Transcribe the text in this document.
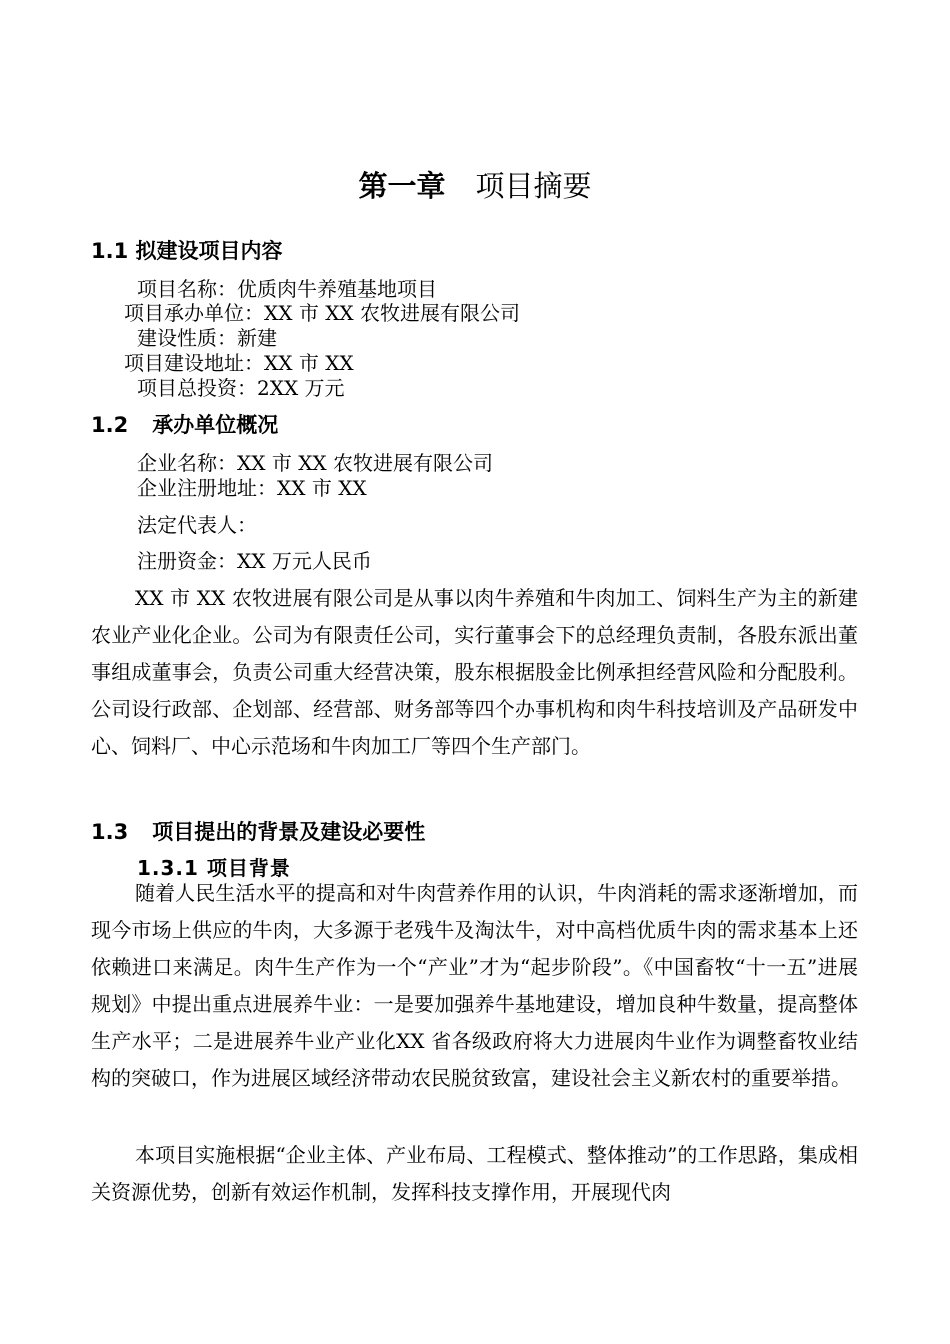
第一章 项目摘要
1.1 拟建设项目内容
项目名称：优质肉牛养殖基地项目
项目承办单位：XX 市 XX 农牧进展有限公司
建设性质：新建
项目建设地址：XX 市 XX
项目总投资：2XX 万元
1.2 承办单位概况
企业名称：XX 市 XX 农牧进展有限公司
企业注册地址：XX 市 XX
法定代表人：
注册资金：XX 万元人民币
XX 市 XX 农牧进展有限公司是从事以肉牛养殖和牛肉加工、饲料生产为主的新建农业产业化企业。公司为有限责任公司，实行董事会下的总经理负责制，各股东派出董事组成董事会，负责公司重大经营决策，股东根据股金比例承担经营风险和分配股利。公司设行政部、企划部、经营部、财务部等四个办事机构和肉牛科技培训及产品研发中心、饲料厂、中心示范场和牛肉加工厂等四个生产部门。
1.3 项目提出的背景及建设必要性
1.3.1 项目背景
随着人民生活水平的提高和对牛肉营养作用的认识，牛肉消耗的需求逐渐增加，而现今市场上供应的牛肉，大多源于老残牛及淘汰牛，对中高档优质牛肉的需求基本上还依赖进口来满足。肉牛生产作为一个“产业”才为“起步阶段”。《中国畜牧“十一五”进展规划》中提出重点进展养牛业：一是要加强养牛基地建设，增加良种牛数量，提高整体生产水平；二是进展养牛业产业化XX 省各级政府将大力进展肉牛业作为调整畜牧业结构的突破口，作为进展区域经济带动农民脱贫致富，建设社会主义新农村的重要举措。
本项目实施根据“企业主体、产业布局、工程模式、整体推动”的工作思路，集成相关资源优势，创新有效运作机制，发挥科技支撑作用，开展现代肉
